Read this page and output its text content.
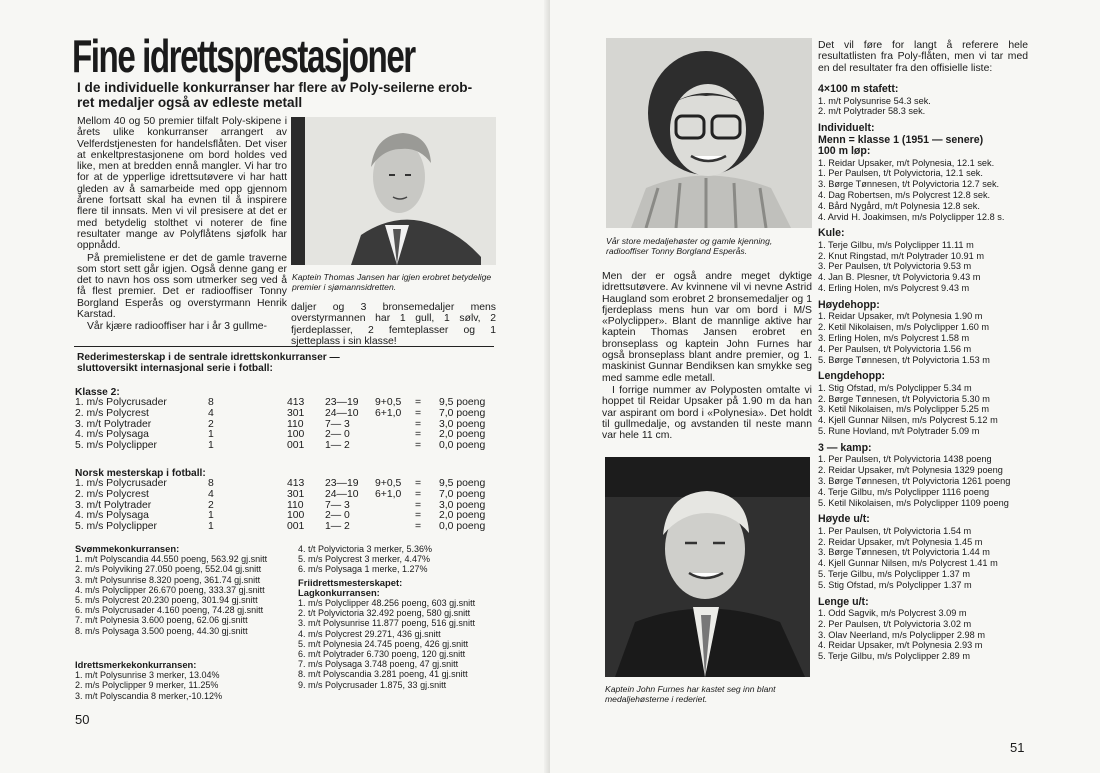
Fine idrettsprestasjoner
I de individuelle konkurranser har flere av Poly-seilerne erob-
ret medaljer også av edleste metall

Mellom 40 og 50 premier tilfalt Poly-skipene i årets ulike konkurranser arrangert av Velferdstjenesten for handelsflåten. Det viser at enkeltprestasjonene om bord holdes ved like, men at bredden ennå mangler. Vi har tro for at de ypperlige idrettsutøvere vi har hatt gleden av å samarbeide med opp gjennom årene fortsatt skal ha evnen til å inspirere flere til innsats. Men vi vil presisere at det er med betydelig stolthet vi noterer de fine resultater mange av Polyflåtens sjøfolk har oppnådd.

På premielistene er det de gamle traverne som stort sett går igjen. Også denne gang er det to navn hos oss som utmerker seg ved å få flest premier. Det er radiooffiser Tonny Borgland Esperås og overstyrmann Henrik Karstad.

Vår kjære radiooffiser har i år 3 gullme-

Kaptein Thomas Jansen har igjen erobret betydelige premier i sjømannsidretten.

daljer og 3 bronsemedaljer mens overstyrmannen har 1 gull, 1 sølv, 2 fjerdeplasser, 2 femteplasser og 1 sjetteplass i sin klasse!

Rederimesterskap i de sentrale idrettskonkurranser —
sluttoversikt internasjonal serie i fotball:
Klasse 2:
1. m/s Polycrusader	8	413 23—19 9+0,5 = 9,5 poeng
2. m/s Polycrest	4	301 24—10 6+1,0 = 7,0 poeng
3. m/t Polytrader	2	110 7— 3	= 3,0 poeng
4. m/s Polysaga	1	100 2— 0	= 2,0 poeng
5. m/s Polyclipper	1	001 1— 2	= 0,0 poeng
Norsk mesterskap i fotball:
1. m/s Polycrusader	8	413 23—19 9+0,5 = 9,5 poeng
2. m/s Polycrest	4	301 24—10 6+1,0 = 7,0 poeng
3. m/t Polytrader	2	110 7— 3	= 3,0 poeng
4. m/s Polysaga	1	100 2— 0	= 2,0 poeng
5. m/s Polyclipper	1	001 1— 2	= 0,0 poeng
Svømmekonkurransen:
1. m/t Polyscandia 44.550 poeng, 563.92 gj.snitt
2. m/s Polyviking 27.050 poeng, 552.04 gj.snitt
3. m/t Polysunrise 8.320 poeng, 361.74 gj.snitt
4. m/s Polyclipper 26.670 poeng, 333.37 gj.snitt
5. m/s Polycrest 20.230 poeng, 301.94 gj.snitt
6. m/s Polycrusader 4.160 poeng, 74.28 gj.snitt
7. m/t Polynesia 3.600 poeng, 62.06 gj.snitt
8. m/s Polysaga 3.500 poeng, 44.30 gj.snitt
Idrettsmerkekonkurransen:
1. m/t Polysunrise 3 merker, 13.04%
2. m/s Polyclipper 9 merker, 11.25%
3. m/t Polyscandia 8 merker,-10.12%
4. t/t Polyvictoria 3 merker, 5.36%
5. m/s Polycrest 3 merker, 4.47%
6. m/s Polysaga 1 merke, 1.27%
Friidrettsmesterskapet:
Lagkonkurransen:
1. m/s Polyclipper 48.256 poeng, 603 gj.snitt
2. t/t Polyvictoria 32.492 poeng, 580 gj.snitt
3. m/t Polysunrise 11.877 poeng, 516 gj.snitt
4. m/s Polycrest 29.271, 436 gj.snitt
5. m/t Polynesia 24.745 poeng, 426 gj.snitt
6. m/t Polytrader 6.730 poeng, 120 gj.snitt
7. m/s Polysaga 3.748 poeng, 47 gj.snitt
8. m/t Polyscandia 3.281 poeng, 41 gj.snitt
9. m/s Polycrusader 1.875, 33 gj.snitt
50
Vår store medaljehøster og gamle kjenning, radiooffiser Tonny Borgland Esperås.

Men der er også andre meget dyktige idrettsutøvere. Av kvinnene vil vi nevne Astrid Haugland som erobret 2 bronsemedaljer og 1 fjerdeplass mens hun var om bord i M/S «Polyclipper». Blant de mannlige aktive har kaptein Thomas Jansen erobret en bronseplass og kaptein John Furnes har også bronseplass blant andre premier, og 1. maskinist Gunnar Bendiksen kan smykke seg med samme edle metall.

I forrige nummer av Polyposten omtalte vi hoppet til Reidar Upsaker på 1.90 m da han var aspirant om bord i «Polynesia». Det holdt til gullmedalje, og avstanden til neste mann var hele 11 cm.

Kaptein John Furnes har kastet seg inn blant medaljehøsterne i rederiet.

Det vil føre for langt å referere hele resultatlisten fra Poly-flåten, men vi tar med en del resultater fra den offisielle liste:

4×100 m stafett:
1. m/t Polysunrise 54.3 sek.
2. m/t Polytrader 58.3 sek.
Individuelt:
Menn = klasse 1 (1951 — senere)
100 m løp:
1. Reidar Upsaker, m/t Polynesia, 12.1 sek.
1. Per Paulsen, t/t Polyvictoria, 12.1 sek.
3. Børge Tønnesen, t/t Polyvictoria 12.7 sek.
4. Dag Robertsen, m/s Polycrest 12.8 sek.
4. Bård Nygård, m/t Polynesia 12.8 sek.
4. Arvid H. Joakimsen, m/s Polyclipper 12.8 s.
Kule:
1. Terje Gilbu, m/s Polyclipper 11.11 m
2. Knut Ringstad, m/t Polytrader 10.91 m
3. Per Paulsen, t/t Polyvictoria 9.53 m
4. Jan B. Plesner, t/t Polyvictoria 9.43 m
4. Erling Holen, m/s Polycrest 9.43 m
Høydehopp:
1. Reidar Upsaker, m/t Polynesia 1.90 m
2. Ketil Nikolaisen, m/s Polyclipper 1.60 m
3. Erling Holen, m/s Polycrest 1.58 m
4. Per Paulsen, t/t Polyvictoria 1.56 m
5. Børge Tønnesen, t/t Polyvictoria 1.53 m
Lengdehopp:
1. Stig Ofstad, m/s Polyclipper 5.34 m
2. Børge Tønnesen, t/t Polyvictoria 5.30 m
3. Ketil Nikolaisen, m/s Polyclipper 5.25 m
4. Kjell Gunnar Nilsen, m/s Polycrest 5.12 m
5. Rune Hovland, m/t Polytrader 5.09 m
3 — kamp:
1. Per Paulsen, t/t Polyvictoria 1438 poeng
2. Reidar Upsaker, m/t Polynesia 1329 poeng
3. Børge Tønnesen, t/t Polyvictoria 1261 poeng
4. Terje Gilbu, m/s Polyclipper 1116 poeng
5. Ketil Nikolaisen, m/s Polyclipper 1109 poeng
Høyde u/t:
1. Per Paulsen, t/t Polyvictoria 1.54 m
2. Reidar Upsaker, m/t Polynesia 1.45 m
3. Børge Tønnesen, t/t Polyvictoria 1.44 m
4. Kjell Gunnar Nilsen, m/s Polycrest 1.41 m
5. Terje Gilbu, m/s Polyclipper 1.37 m
5. Stig Ofstad, m/s Polyclipper 1.37 m
Lenge u/t:
1. Odd Sagvik, m/s Polycrest 3.09 m
2. Per Paulsen, t/t Polyvictoria 3.02 m
3. Olav Neerland, m/s Polyclipper 2.98 m
4. Reidar Upsaker, m/t Polynesia 2.93 m
5. Terje Gilbu, m/s Polyclipper 2.89 m
51
